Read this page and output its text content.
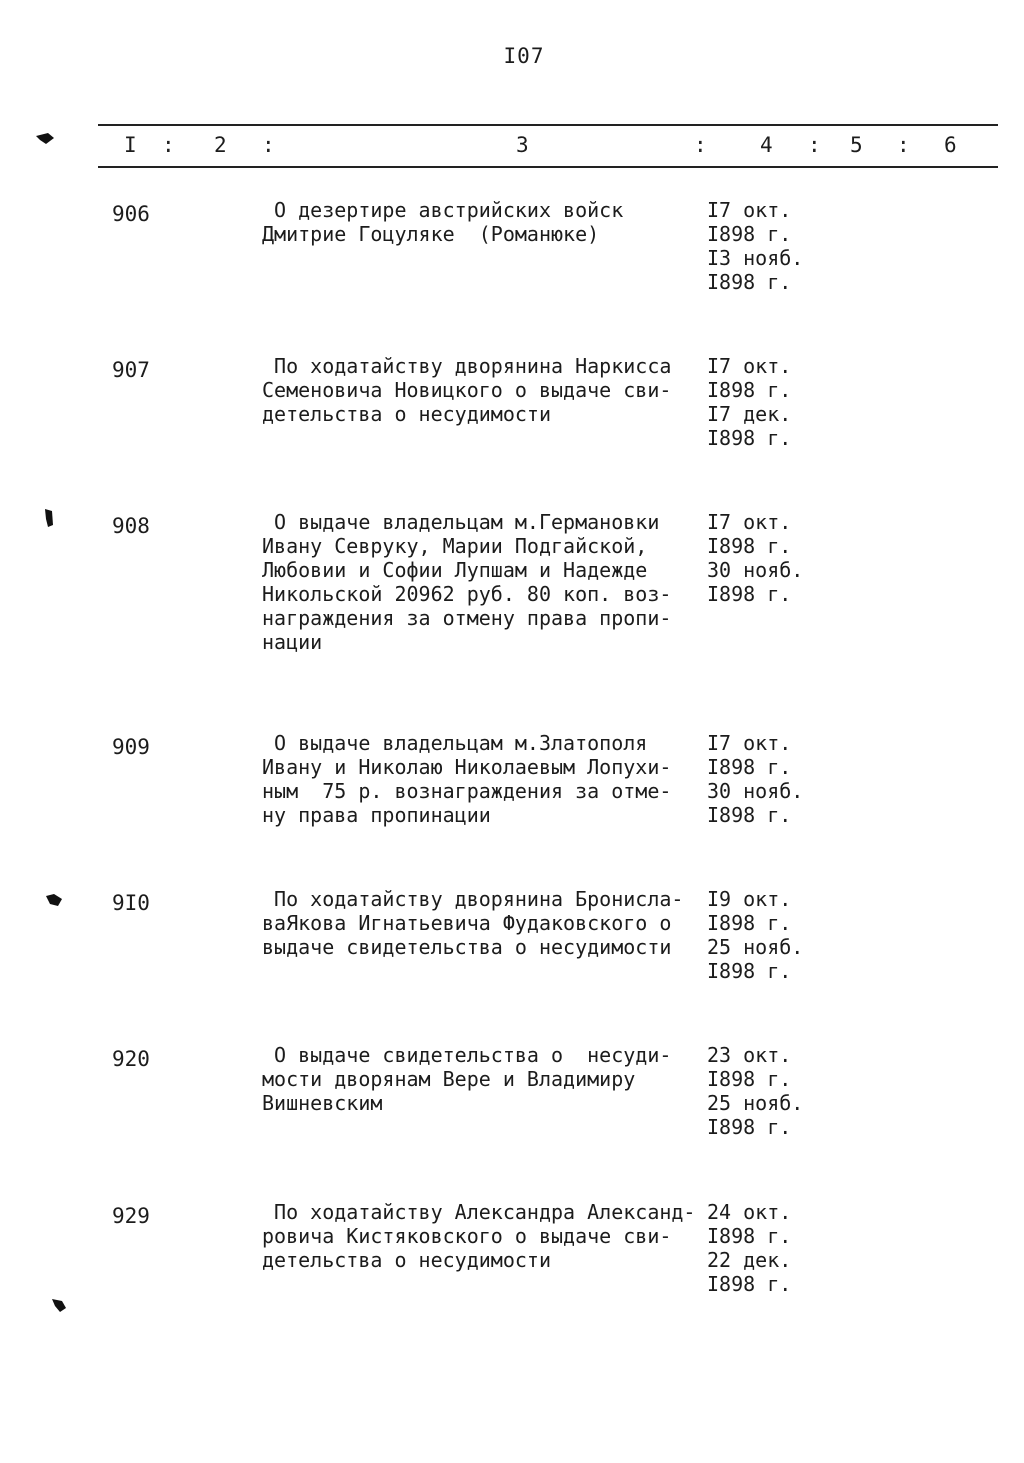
I07
I : 2 :	3	:	4 : 5 : 6
906	О дезертире австрийских войск
Дмитрие Гоцуляке  (Романюке)
I7 окт.
I898 г.
I3 нояб.
I898 г.
907	По ходатайству дворянина Наркисса
Семеновича Новицкого о выдаче сви-
детельства о несудимости
I7 окт.
I898 г.
I7 дек.
I898 г.
908	О выдаче владельцам м.Германовки
Ивану Севруку, Марии Подгайской,
Любовии и Софии Лупшам и Надежде
Никольской 20962 руб. 80 коп. воз-
награждения за отмену права пропи-
нации
I7 окт.
I898 г.
30 нояб.
I898 г.
909	О выдаче владельцам м.Златополя
Ивану и Николаю Николаевым Лопухи-
ным  75 р. вознаграждения за отме-
ну права пропинации
I7 окт.
I898 г.
30 нояб.
I898 г.
9I0	По ходатайству дворянина Бронисла-
ваЯкова Игнатьевича Фудаковского о
выдаче свидетельства о несудимости
I9 окт.
I898 г.
25 нояб.
I898 г.
920	О выдаче свидетельства о  несуди-
мости дворянам Вере и Владимиру
Вишневским
23 окт.
I898 г.
25 нояб.
I898 г.
929	По ходатайству Александра Александ-
ровича Кистяковского о выдаче сви-
детельства о несудимости
24 окт.
I898 г.
22 дек.
I898 г.
